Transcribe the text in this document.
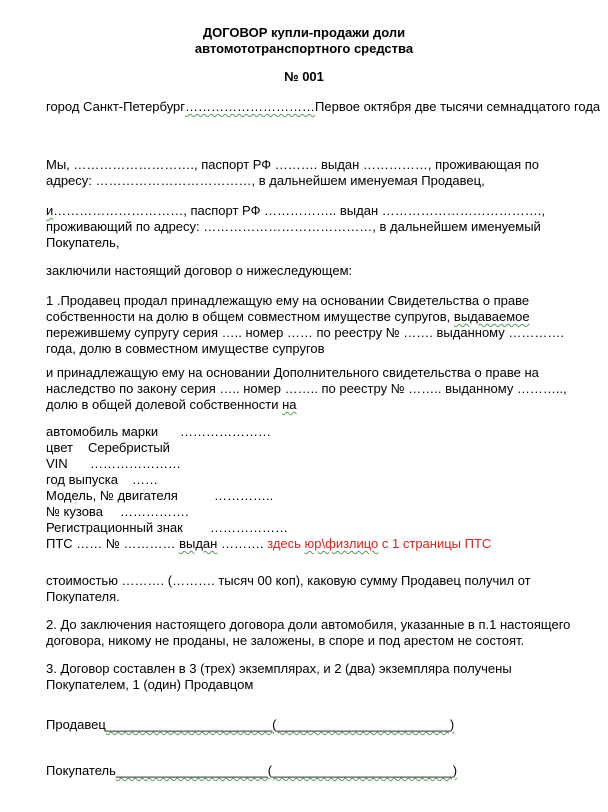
ДОГОВОР купли-продажи доли
автомототранспортного средства
№ 001
город Санкт-Петербург…………………………Первое октября две тысячи семнадцатого года
Мы, ………………………., паспорт РФ ………. выдан ……………, проживающая по
адресу: ………………………………, в дальнейшем именуемая Продавец,
и…………………………, паспорт РФ …………….. выдан ……………………………….,
проживающий по адресу: …………………………………, в дальнейшем именуемый
Покупатель,
заключили настоящий договор о нижеследующем:
1 .Продавец продал принадлежащую ему на основании Свидетельства о праве
собственности на долю в общем совместном имуществе супругов, выдаваемое
пережившему супругу серия ….. номер …… по реестру № ……. выданному ………….
года, долю в совместном имуществе супругов
и принадлежащую ему на основании Дополнительного свидетельства о праве на
наследство по закону серия ….. номер …….. по реестру № …….. выданному ………..,
долю в общей долевой собственности на
автомобиль марки …………………
цвет Серебристый
VIN …………………
год выпуска ……
Модель, № двигателя	…………..
№ кузова …………….
Регистрационный знак ………………
ПТС …… № ………… выдан ………. здесь юр\физлицо с 1 страницы ПТС
стоимостью ………. (………. тысяч 00 коп), каковую сумму Продавец получил от
Покупателя.
2. До заключения настоящего договора доли автомобиля, указанные в п.1 настоящего
договора, никому не проданы, не заложены, в споре и под арестом не состоят.
3. Договор составлен в 3 (трех) экземплярах, и 2 (два) экземпляра получены
Покупателем, 1 (один) Продавцом
Продавец_______________________(________________________)
Покупатель_____________________(_________________________)
